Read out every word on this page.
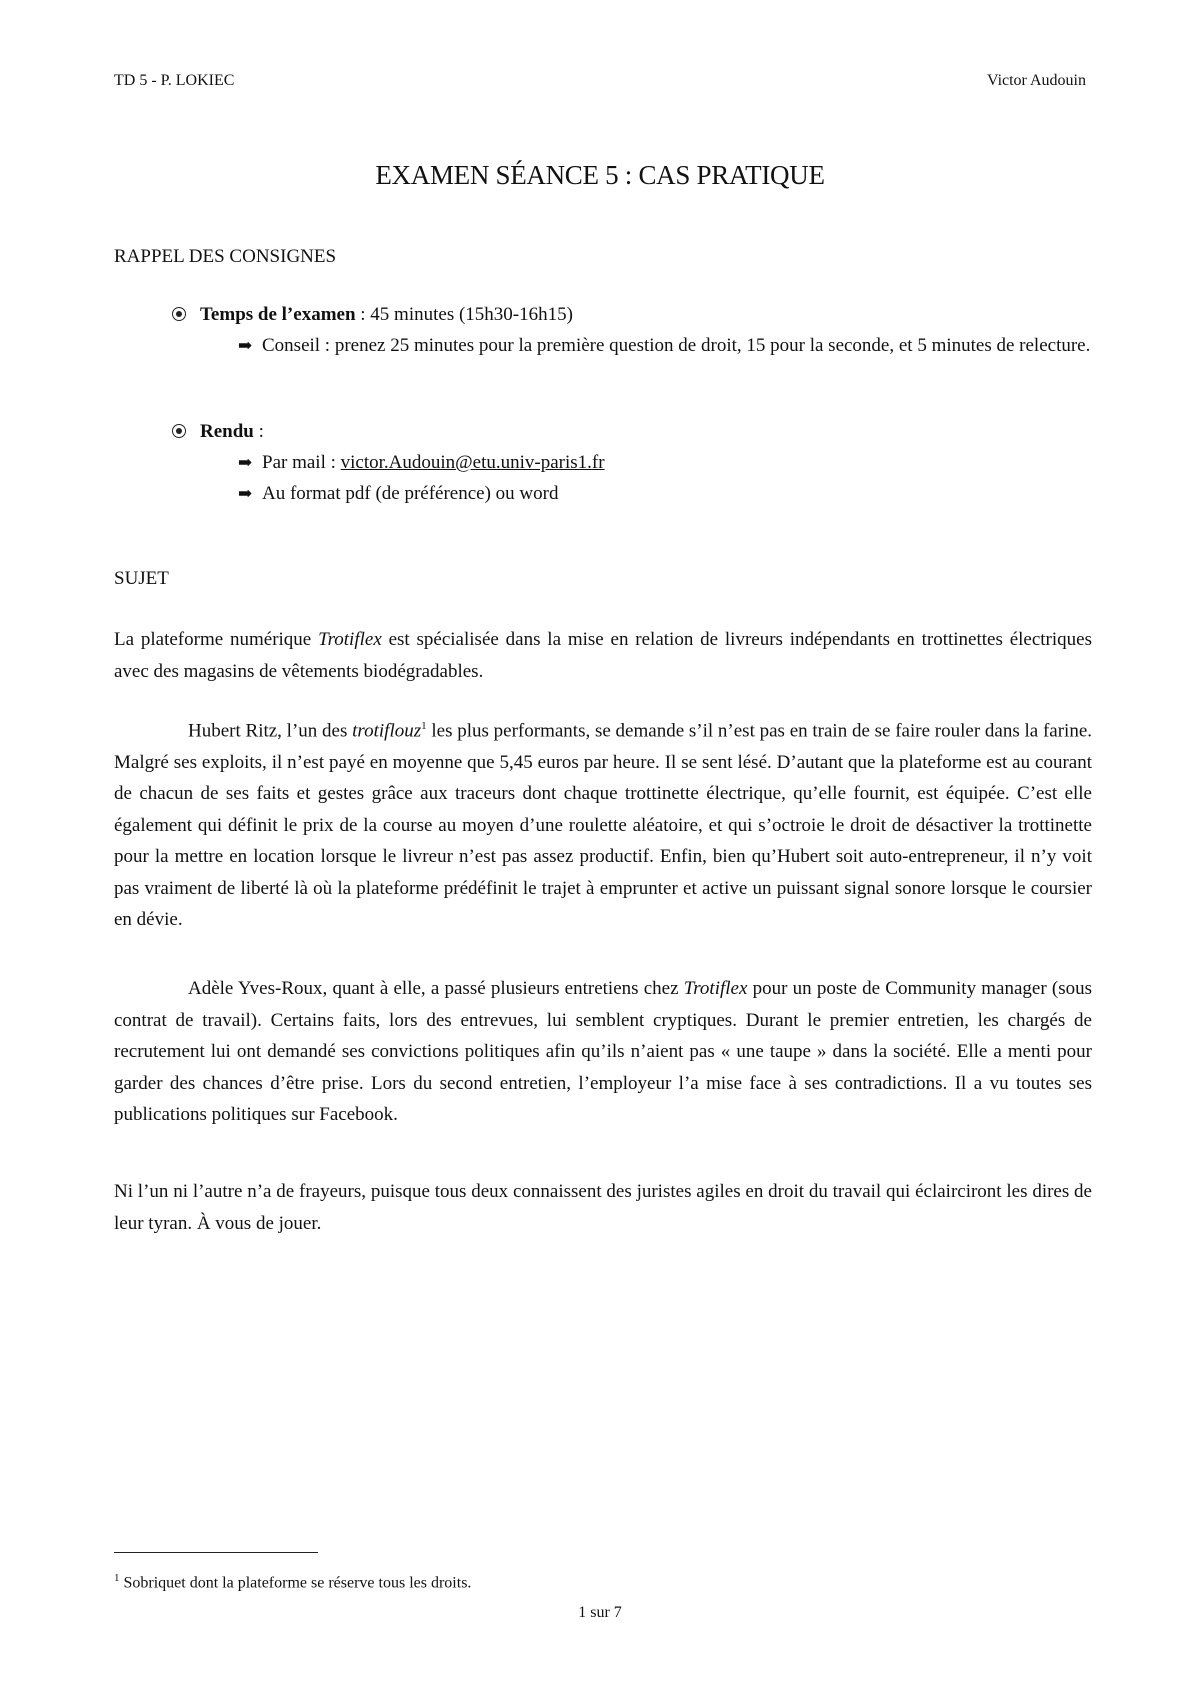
TD 5 - P. LOKIEC	Victor Audouin
EXAMEN SÉANCE 5 : CAS PRATIQUE
RAPPEL DES CONSIGNES
Temps de l’examen : 45 minutes (15h30-16h15)
➡ Conseil : prenez 25 minutes pour la première question de droit, 15 pour la seconde, et 5 minutes de relecture.
Rendu :
➡ Par mail : victor.Audouin@etu.univ-paris1.fr
➡ Au format pdf (de préférence) ou word
SUJET
La plateforme numérique Trotiflex est spécialisée dans la mise en relation de livreurs indépendants en trottinettes électriques avec des magasins de vêtements biodégradables.
Hubert Ritz, l’un des trotiflouz$^1$ les plus performants, se demande s’il n’est pas en train de se faire rouler dans la farine. Malgré ses exploits, il n’est payé en moyenne que 5,45 euros par heure. Il se sent lésé. D’autant que la plateforme est au courant de chacun de ses faits et gestes grâce aux traceurs dont chaque trottinette électrique, qu’elle fournit, est équipée. C’est elle également qui définit le prix de la course au moyen d’une roulette aléatoire, et qui s’octroie le droit de désactiver la trottinette pour la mettre en location lorsque le livreur n’est pas assez productif. Enfin, bien qu’Hubert soit auto-entrepreneur, il n’y voit pas vraiment de liberté là où la plateforme prédéfinit le trajet à emprunter et active un puissant signal sonore lorsque le coursier en dévie.
Adèle Yves-Roux, quant à elle, a passé plusieurs entretiens chez Trotiflex pour un poste de Community manager (sous contrat de travail). Certains faits, lors des entrevues, lui semblent cryptiques. Durant le premier entretien, les chargés de recrutement lui ont demandé ses convictions politiques afin qu’ils n’aient pas « une taupe » dans la société. Elle a menti pour garder des chances d’être prise. Lors du second entretien, l’employeur l’a mise face à ses contradictions. Il a vu toutes ses publications politiques sur Facebook.
Ni l’un ni l’autre n’a de frayeurs, puisque tous deux connaissent des juristes agiles en droit du travail qui éclairciront les dires de leur tyran. À vous de jouer.
$^1$ Sobriquet dont la plateforme se réserve tous les droits.
1 sur 7
